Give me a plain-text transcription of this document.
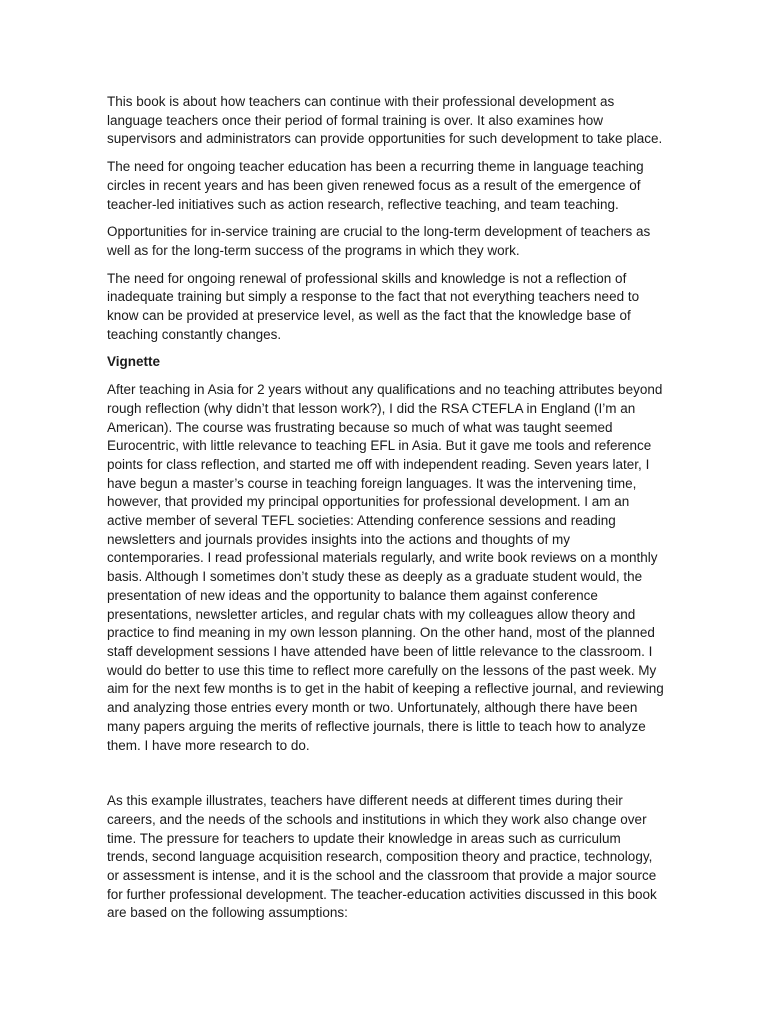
This book is about how teachers can continue with their professional development as language teachers once their period of formal training is over. It also examines how supervisors and administrators can provide opportunities for such development to take place.

The need for ongoing teacher education has been a recurring theme in language teaching circles in recent years and has been given renewed focus as a result of the emergence of teacher-led initiatives such as action research, reflective teaching, and team teaching.

Opportunities for in-service training are crucial to the long-term development of teachers as well as for the long-term success of the programs in which they work.

The need for ongoing renewal of professional skills and knowledge is not a reflection of inadequate training but simply a response to the fact that not everything teachers need to know can be provided at preservice level, as well as the fact that the knowledge base of teaching constantly changes.

Vignette

After teaching in Asia for 2 years without any qualifications and no teaching attributes beyond rough reflection (why didn’t that lesson work?), I did the RSA CTEFLA in England (I’m an American). The course was frustrating because so much of what was taught seemed Eurocentric, with little relevance to teaching EFL in Asia. But it gave me tools and reference points for class reflection, and started me off with independent reading. Seven years later, I have begun a master’s course in teaching foreign languages. It was the intervening time, however, that provided my principal opportunities for professional development. I am an active member of several TEFL societies: Attending conference sessions and reading newsletters and journals provides insights into the actions and thoughts of my contemporaries. I read professional materials regularly, and write book reviews on a monthly basis. Although I sometimes don’t study these as deeply as a graduate student would, the presentation of new ideas and the opportunity to balance them against conference presentations, newsletter articles, and regular chats with my colleagues allow theory and practice to find meaning in my own lesson planning. On the other hand, most of the planned staff development sessions I have attended have been of little relevance to the classroom. I would do better to use this time to reflect more carefully on the lessons of the past week. My aim for the next few months is to get in the habit of keeping a reflective journal, and reviewing and analyzing those entries every month or two. Unfortunately, although there have been many papers arguing the merits of reflective journals, there is little to teach how to analyze them. I have more research to do.

As this example illustrates, teachers have different needs at different times during their careers, and the needs of the schools and institutions in which they work also change over time. The pressure for teachers to update their knowledge in areas such as curriculum trends, second language acquisition research, composition theory and practice, technology, or assessment is intense, and it is the school and the classroom that provide a major source for further professional development. The teacher-education activities discussed in this book are based on the following assumptions:
